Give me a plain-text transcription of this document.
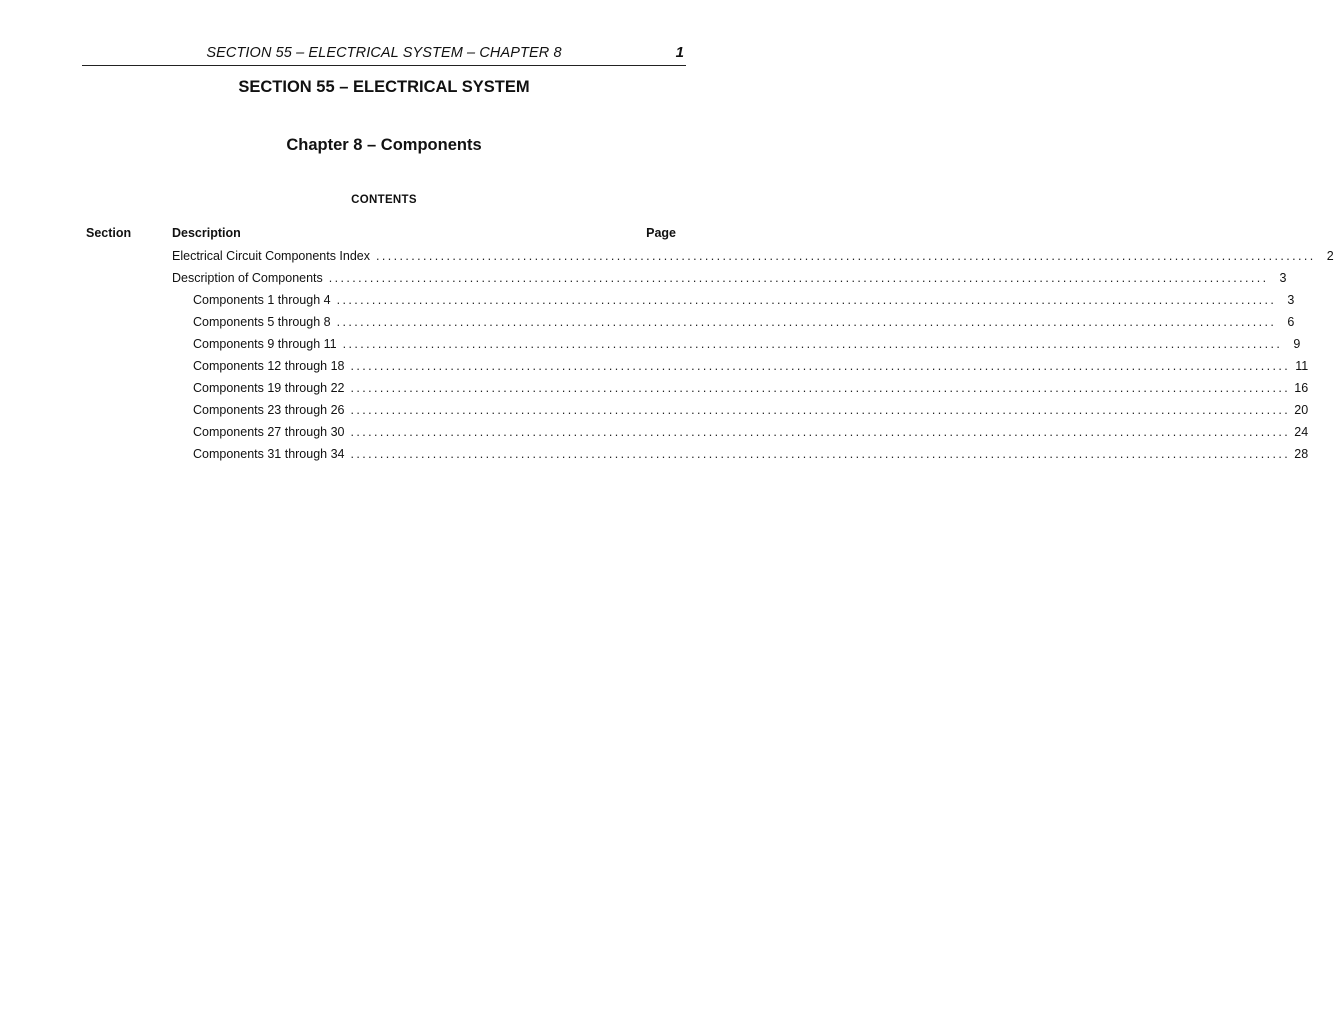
SECTION 55 – ELECTRICAL SYSTEM – CHAPTER 8	1
SECTION 55 – ELECTRICAL SYSTEM
Chapter 8 – Components
CONTENTS
Section	Description	Page
Electrical Circuit Components Index ................................................................................................................................................................ 2
Description of Components ................................................................................................................................................................ 3
Components 1 through 4 ................................................................................................................................................................ 3
Components 5 through 8 ................................................................................................................................................................ 6
Components 9 through 11 ................................................................................................................................................................ 9
Components 12 through 18 ................................................................................................................................................................ 11
Components 19 through 22 ................................................................................................................................................................ 16
Components 23 through 26 ................................................................................................................................................................ 20
Components 27 through 30 ................................................................................................................................................................ 24
Components 31 through 34 ................................................................................................................................................................ 28
